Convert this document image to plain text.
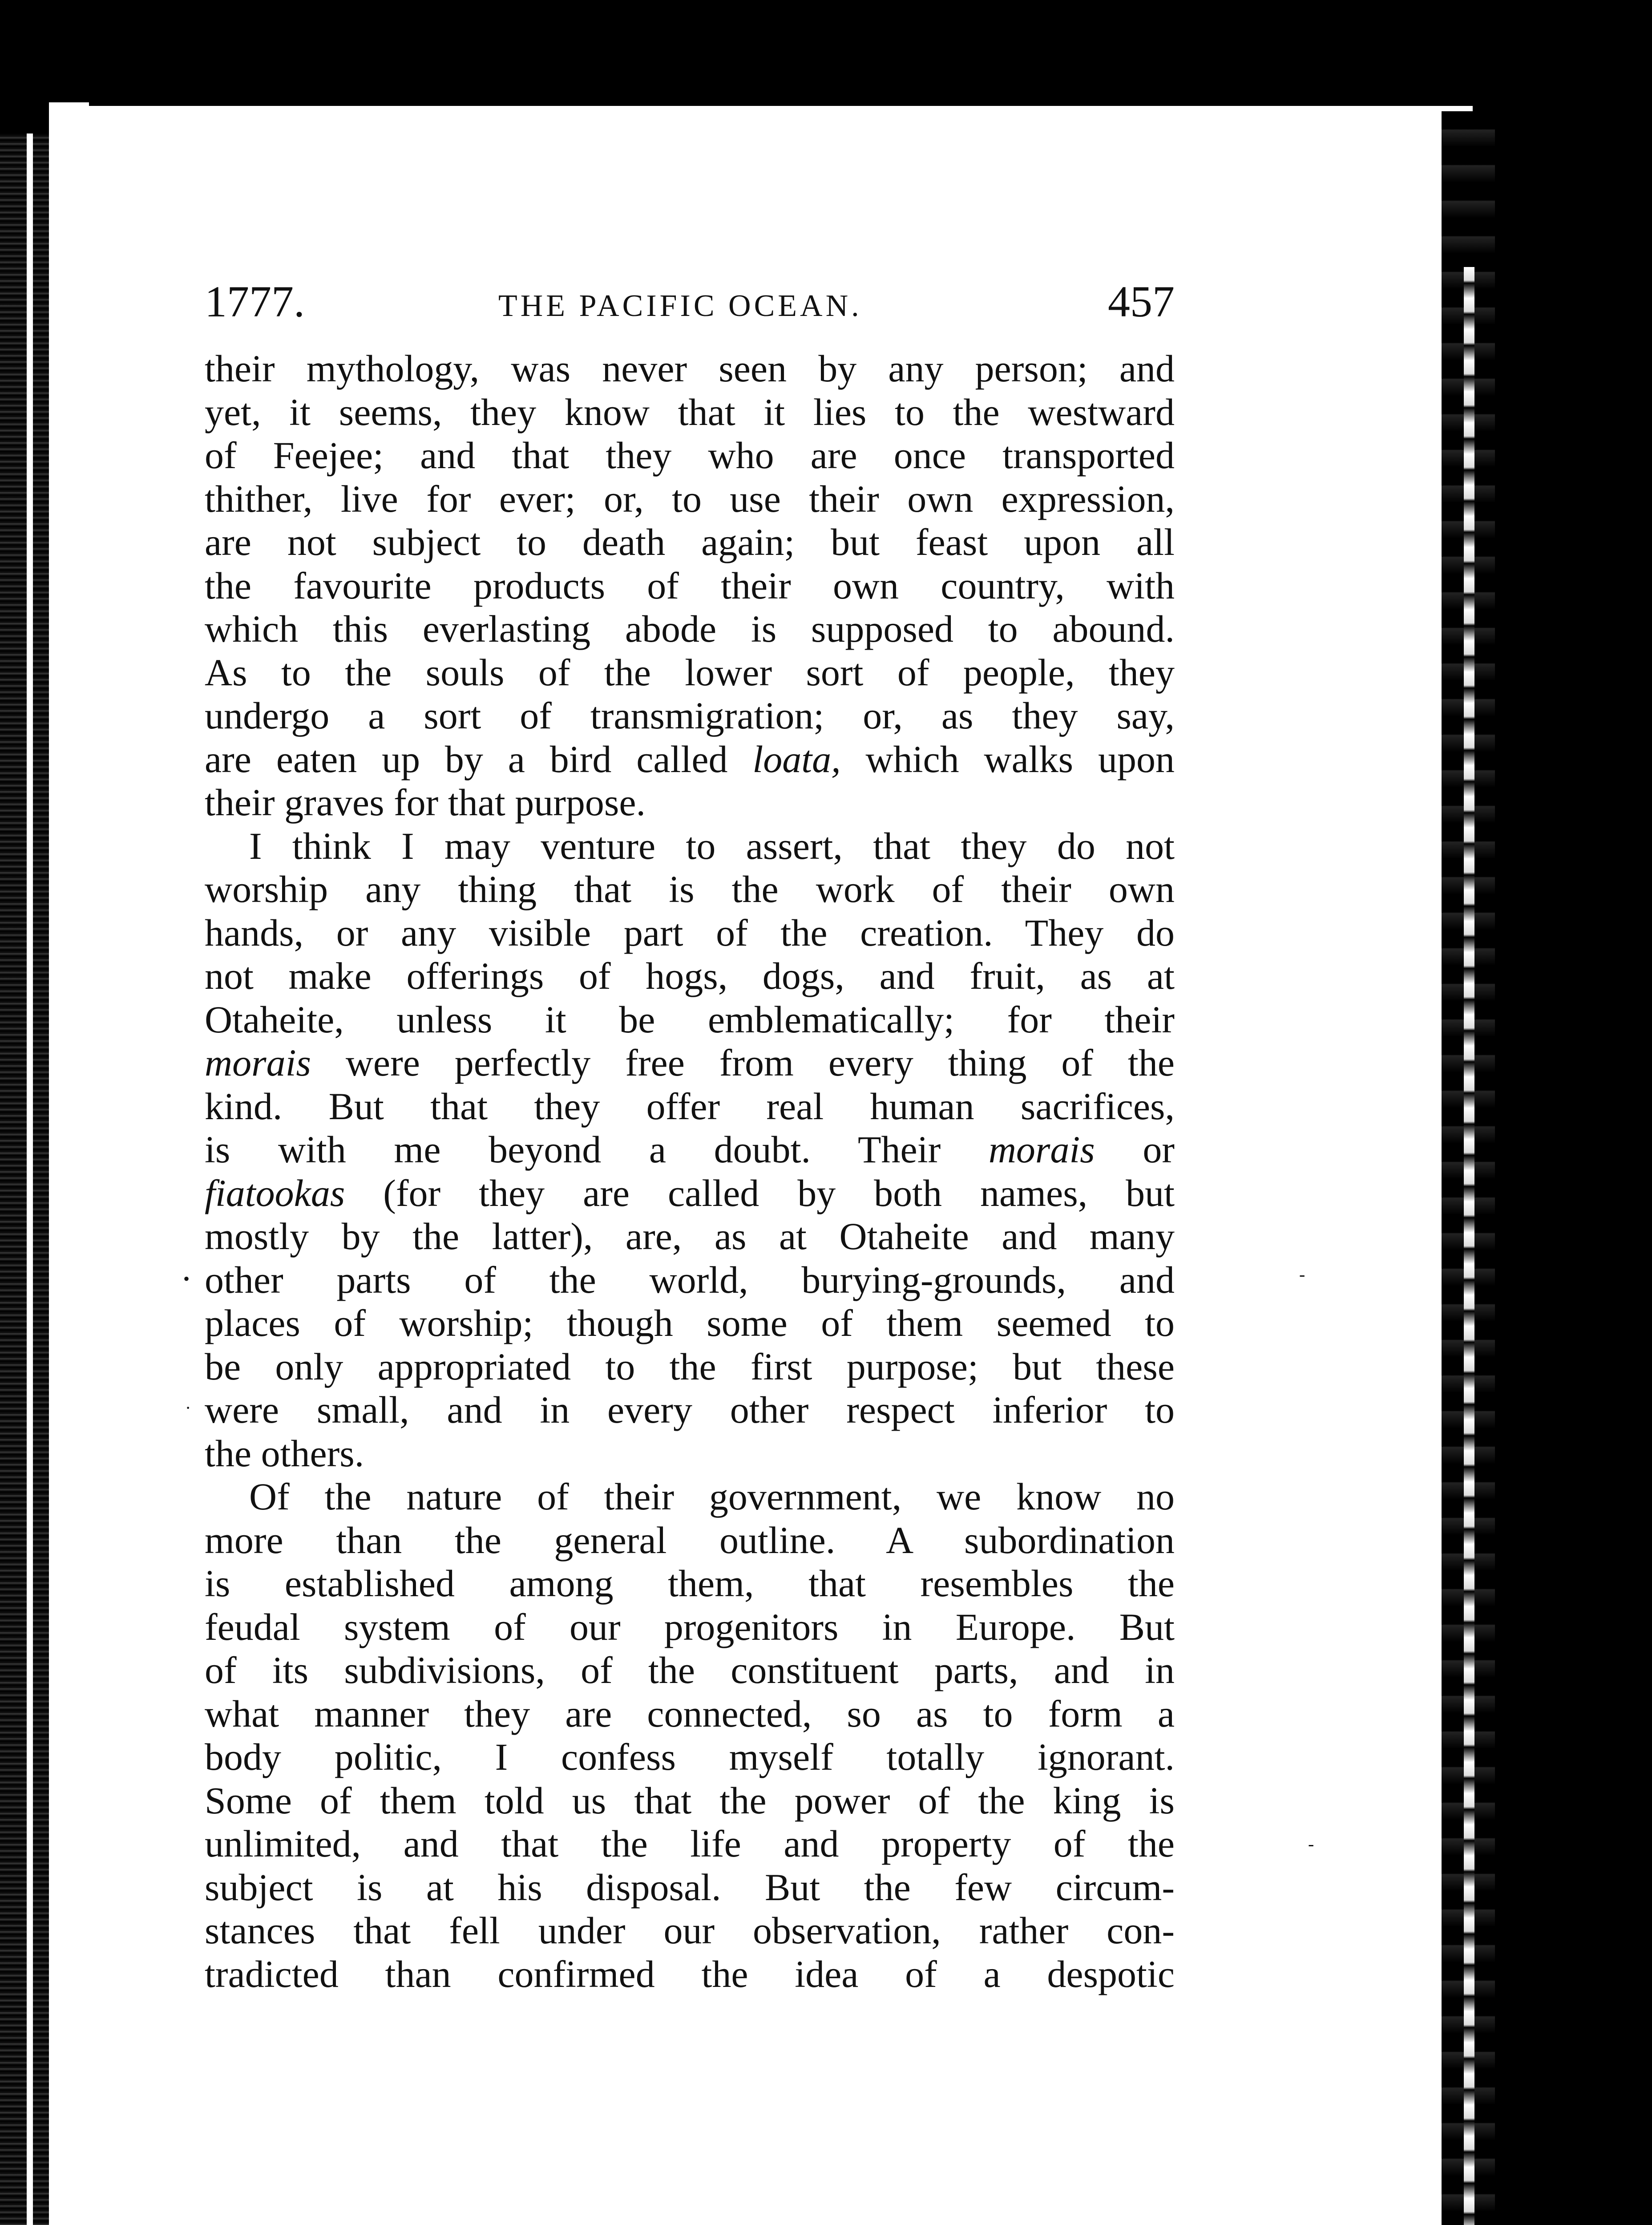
1777.	THE PACIFIC OCEAN.	457
their mythology, was never seen by any person; and
yet, it seems, they know that it lies to the westward
of Feejee; and that they who are once transported
thither, live for ever; or, to use their own expression,
are not subject to death again; but feast upon all
the favourite products of their own country, with
which this everlasting abode is supposed to abound.
As to the souls of the lower sort of people, they
undergo a sort of transmigration; or, as they say,
are eaten up by a bird called loata, which walks upon
their graves for that purpose.
I think I may venture to assert, that they do not
worship any thing that is the work of their own
hands, or any visible part of the creation. They do
not make offerings of hogs, dogs, and fruit, as at
Otaheite, unless it be emblematically; for their
morais were perfectly free from every thing of the
kind. But that they offer real human sacrifices,
is with me beyond a doubt. Their morais or
fiatookas (for they are called by both names, but
mostly by the latter), are, as at Otaheite and many
other parts of the world, burying-grounds, and
places of worship; though some of them seemed to
be only appropriated to the first purpose; but these
were small, and in every other respect inferior to
the others.
Of the nature of their government, we know no
more than the general outline. A subordination
is established among them, that resembles the
feudal system of our progenitors in Europe. But
of its subdivisions, of the constituent parts, and in
what manner they are connected, so as to form a
body politic, I confess myself totally ignorant.
Some of them told us that the power of the king is
unlimited, and that the life and property of the
subject is at his disposal. But the few circum-
stances that fell under our observation, rather con-
tradicted than confirmed the idea of a despotic
•
·
-
-
